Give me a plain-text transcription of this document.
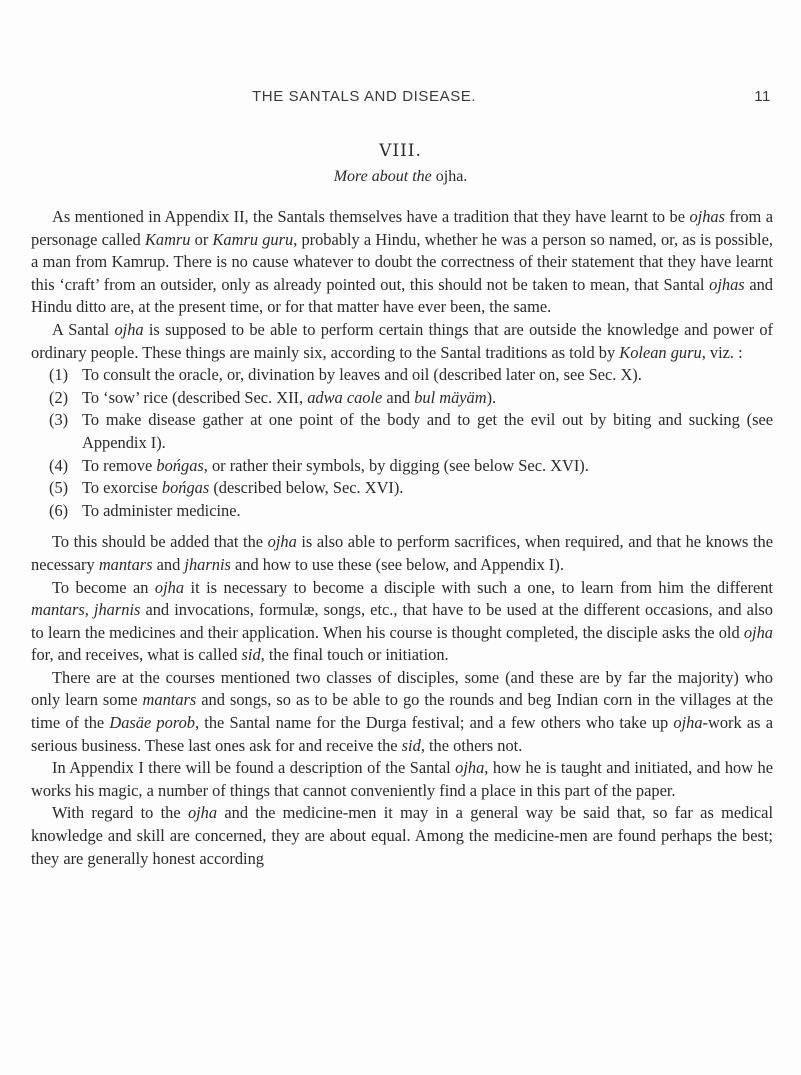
THE SANTALS AND DISEASE.	11
VIII.
More about the ojha.

As mentioned in Appendix II, the Santals themselves have a tradition that they have learnt to be ojhas from a personage called Kamru or Kamru guru, probably a Hindu, whether he was a person so named, or, as is possible, a man from Kamrup. There is no cause whatever to doubt the correctness of their statement that they have learnt this ‘craft’ from an outsider, only as already pointed out, this should not be taken to mean, that Santal ojhas and Hindu ditto are, at the present time, or for that matter have ever been, the same.

A Santal ojha is supposed to be able to perform certain things that are outside the knowledge and power of ordinary people. These things are mainly six, according to the Santal traditions as told by Kolean guru, viz. :

(1) To consult the oracle, or, divination by leaves and oil (described later on, see Sec. X).

(2) To ‘sow’ rice (described Sec. XII, adwa caole and bul mäyäm).

(3) To make disease gather at one point of the body and to get the evil out by biting and sucking (see Appendix I).

(4) To remove bońgas, or rather their symbols, by digging (see below Sec. XVI).

(5) To exorcise bońgas (described below, Sec. XVI).

(6) To administer medicine.

To this should be added that the ojha is also able to perform sacrifices, when required, and that he knows the necessary mantars and jharnis and how to use these (see below, and Appendix I).

To become an ojha it is necessary to become a disciple with such a one, to learn from him the different mantars, jharnis and invocations, formulæ, songs, etc., that have to be used at the different occasions, and also to learn the medicines and their application. When his course is thought completed, the disciple asks the old ojha for, and receives, what is called sid, the final touch or initiation.

There are at the courses mentioned two classes of disciples, some (and these are by far the majority) who only learn some mantars and songs, so as to be able to go the rounds and beg Indian corn in the villages at the time of the Dasäe porob, the Santal name for the Durga festival; and a few others who take up ojha-work as a serious business. These last ones ask for and receive the sid, the others not.

In Appendix I there will be found a description of the Santal ojha, how he is taught and initiated, and how he works his magic, a number of things that cannot conveniently find a place in this part of the paper.

With regard to the ojha and the medicine-men it may in a general way be said that, so far as medical knowledge and skill are concerned, they are about equal. Among the medicine-men are found perhaps the best; they are generally honest according
